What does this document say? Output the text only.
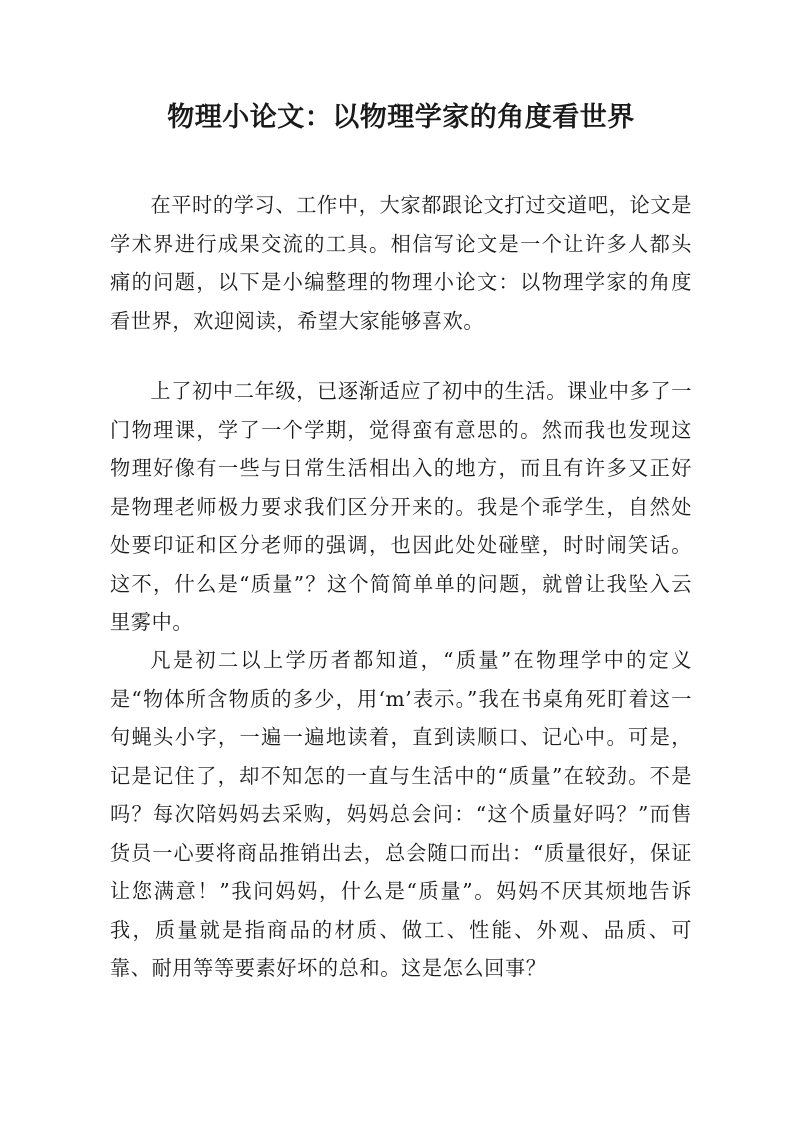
物理小论文：以物理学家的角度看世界

在平时的学习、工作中，大家都跟论文打过交道吧，论文是学术界进行成果交流的工具。相信写论文是一个让许多人都头痛的问题，以下是小编整理的物理小论文：以物理学家的角度看世界，欢迎阅读，希望大家能够喜欢。

上了初中二年级，已逐渐适应了初中的生活。课业中多了一门物理课，学了一个学期，觉得蛮有意思的。然而我也发现这物理好像有一些与日常生活相出入的地方，而且有许多又正好是物理老师极力要求我们区分开来的。我是个乖学生，自然处处要印证和区分老师的强调，也因此处处碰壁，时时闹笑话。这不，什么是“质量”？这个简简单单的问题，就曾让我坠入云里雾中。

凡是初二以上学历者都知道，“质量”在物理学中的定义是“物体所含物质的多少，用‘m’表示。”我在书桌角死盯着这一句蝇头小字，一遍一遍地读着，直到读顺口、记心中。可是，记是记住了，却不知怎的一直与生活中的“质量”在较劲。不是吗？每次陪妈妈去采购，妈妈总会问：“这个质量好吗？”而售货员一心要将商品推销出去，总会随口而出：“质量很好，保证让您满意！”我问妈妈，什么是“质量”。妈妈不厌其烦地告诉我，质量就是指商品的材质、做工、性能、外观、品质、可靠、耐用等等要素好坏的总和。这是怎么回事？
